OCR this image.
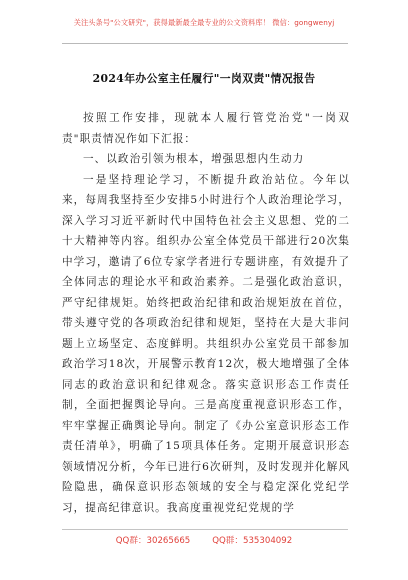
关注头条号"公文研究"，获得最新最全最专业的公文资料库！ 微信：gongwenyj
2024年办公室主任履行"一岗双责"情况报告

按照工作安排，现就本人履行管党治党"一岗双责"职责情况作如下汇报：

一、以政治引领为根本，增强思想内生动力

一是坚持理论学习，不断提升政治站位。今年以来，每周我坚持至少安排5小时进行个人政治理论学习，深入学习习近平新时代中国特色社会主义思想、党的二十大精神等内容。组织办公室全体党员干部进行20次集中学习，邀请了6位专家学者进行专题讲座，有效提升了全体同志的理论水平和政治素养。二是强化政治意识，严守纪律规矩。始终把政治纪律和政治规矩放在首位，带头遵守党的各项政治纪律和规矩，坚持在大是大非问题上立场坚定、态度鲜明。共组织办公室党员干部参加政治学习18次，开展警示教育12次，极大地增强了全体同志的政治意识和纪律观念。落实意识形态工作责任制，全面把握舆论导向。三是高度重视意识形态工作，牢牢掌握正确舆论导向。制定了《办公室意识形态工作责任清单》，明确了15项具体任务。定期开展意识形态领域情况分析，今年已进行6次研判，及时发现并化解风险隐患，确保意识形态领域的安全与稳定深化党纪学习，提高纪律意识。我高度重视党纪党规的学

QQ群：30265665	QQ群：535304092
